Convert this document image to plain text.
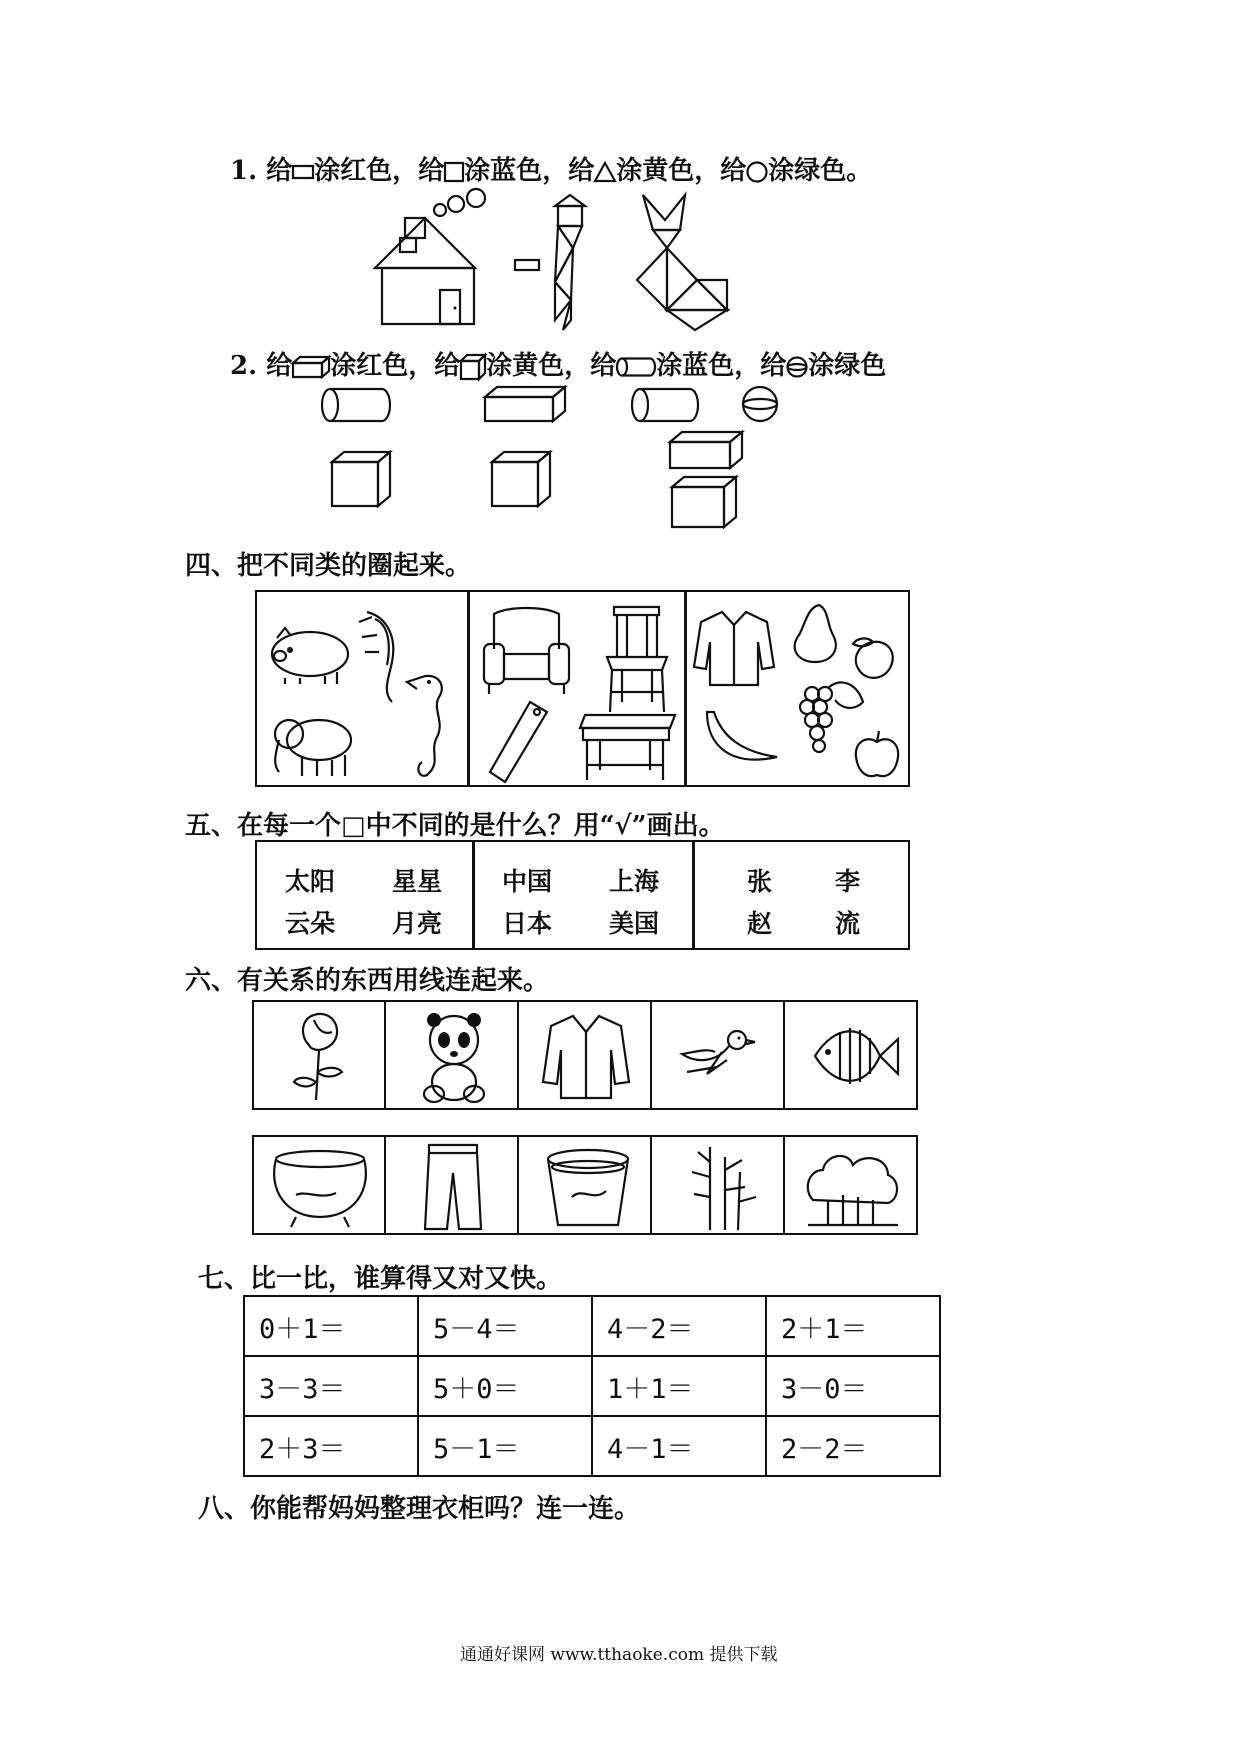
1. 给 涂红色，给 涂蓝色，给 涂黄色，给 涂绿色。
2. 给 涂红色，给 涂黄色，给 涂蓝色，给 涂绿色
四、把不同类的圈起来。
五、在每一个□中不同的是什么？用“√”画出。
太阳 星星
云朵 月亮
中国 上海
日本 美国
张	李
赵	流
六、有关系的东西用线连起来。
七、比一比，谁算得又对又快。
0＋1＝	5－4＝	4－2＝	2＋1＝
3－3＝	5＋0＝	1＋1＝	3－0＝
2＋3＝	5－1＝	4－1＝	2－2＝
八、你能帮妈妈整理衣柜吗？连一连。
通通好课网 www.tthaoke.com 提供下载
